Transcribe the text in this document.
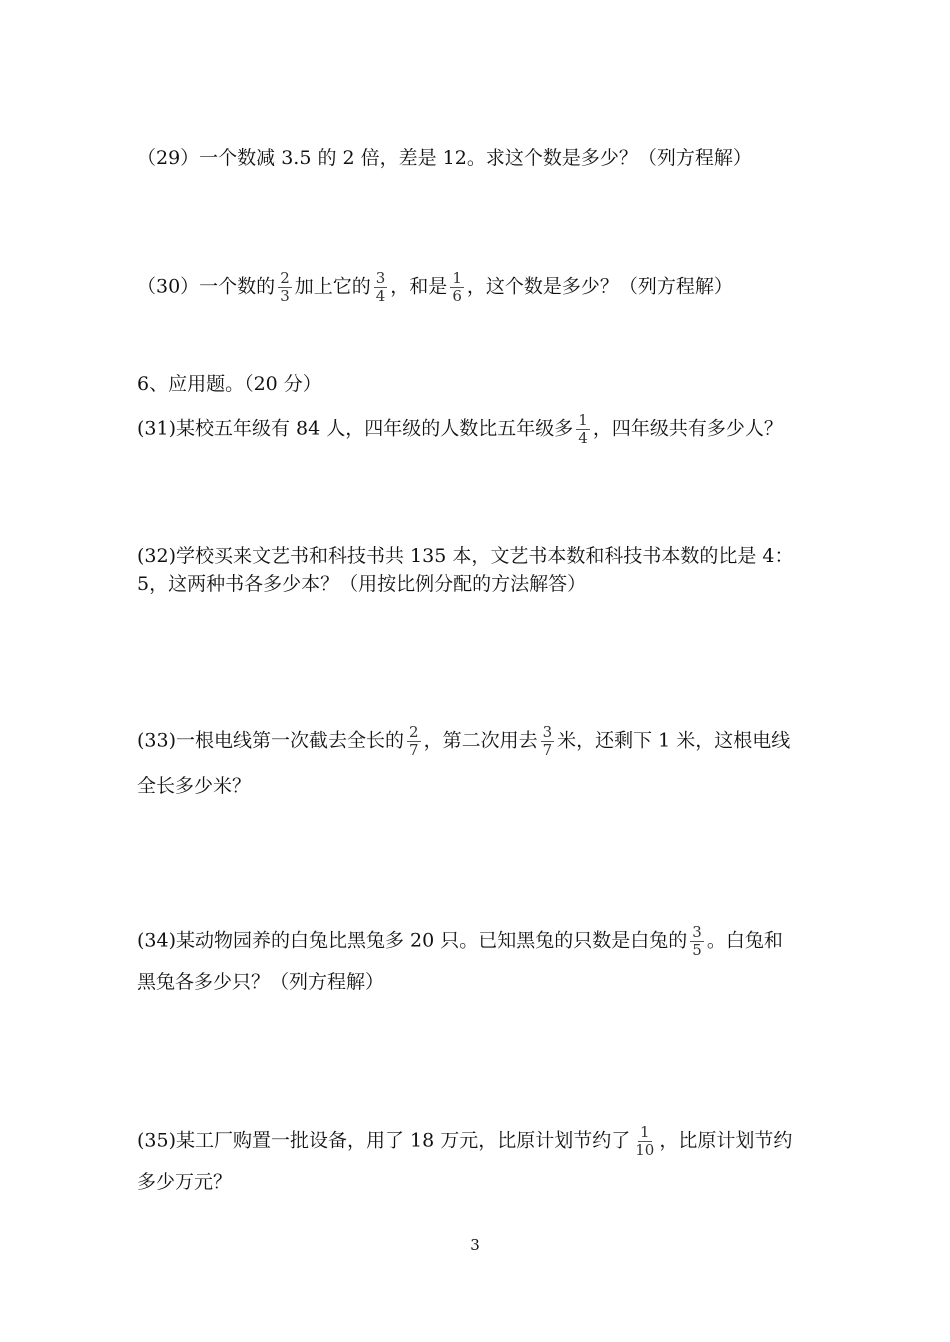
（29）一个数减 3.5 的 2 倍，差是 12。求这个数是多少？（列方程解）
（30）一个数的 $\frac{2}{3}$ 加上它的 $\frac{3}{4}$ ，和是 $\frac{1}{6}$ ，这个数是多少？（列方程解）
6、应用题。（20 分）
(31)某校五年级有 84 人，四年级的人数比五年级多 $\frac{1}{4}$ ，四年级共有多少人？
(32)学校买来文艺书和科技书共 135 本，文艺书本数和科技书本数的比是 4：
5，这两种书各多少本？（用按比例分配的方法解答）
(33)一根电线第一次截去全长的 $\frac{2}{7}$ ，第二次用去 $\frac{3}{7}$ 米，还剩下 1 米，这根电线
全长多少米？
(34)某动物园养的白兔比黑兔多 20 只。已知黑兔的只数是白兔的 $\frac{3}{5}$ 。白兔和
黑兔各多少只？（列方程解）
(35)某工厂购置一批设备，用了 18 万元，比原计划节约了 $\frac{1}{10}$ ，比原计划节约
多少万元？
3
